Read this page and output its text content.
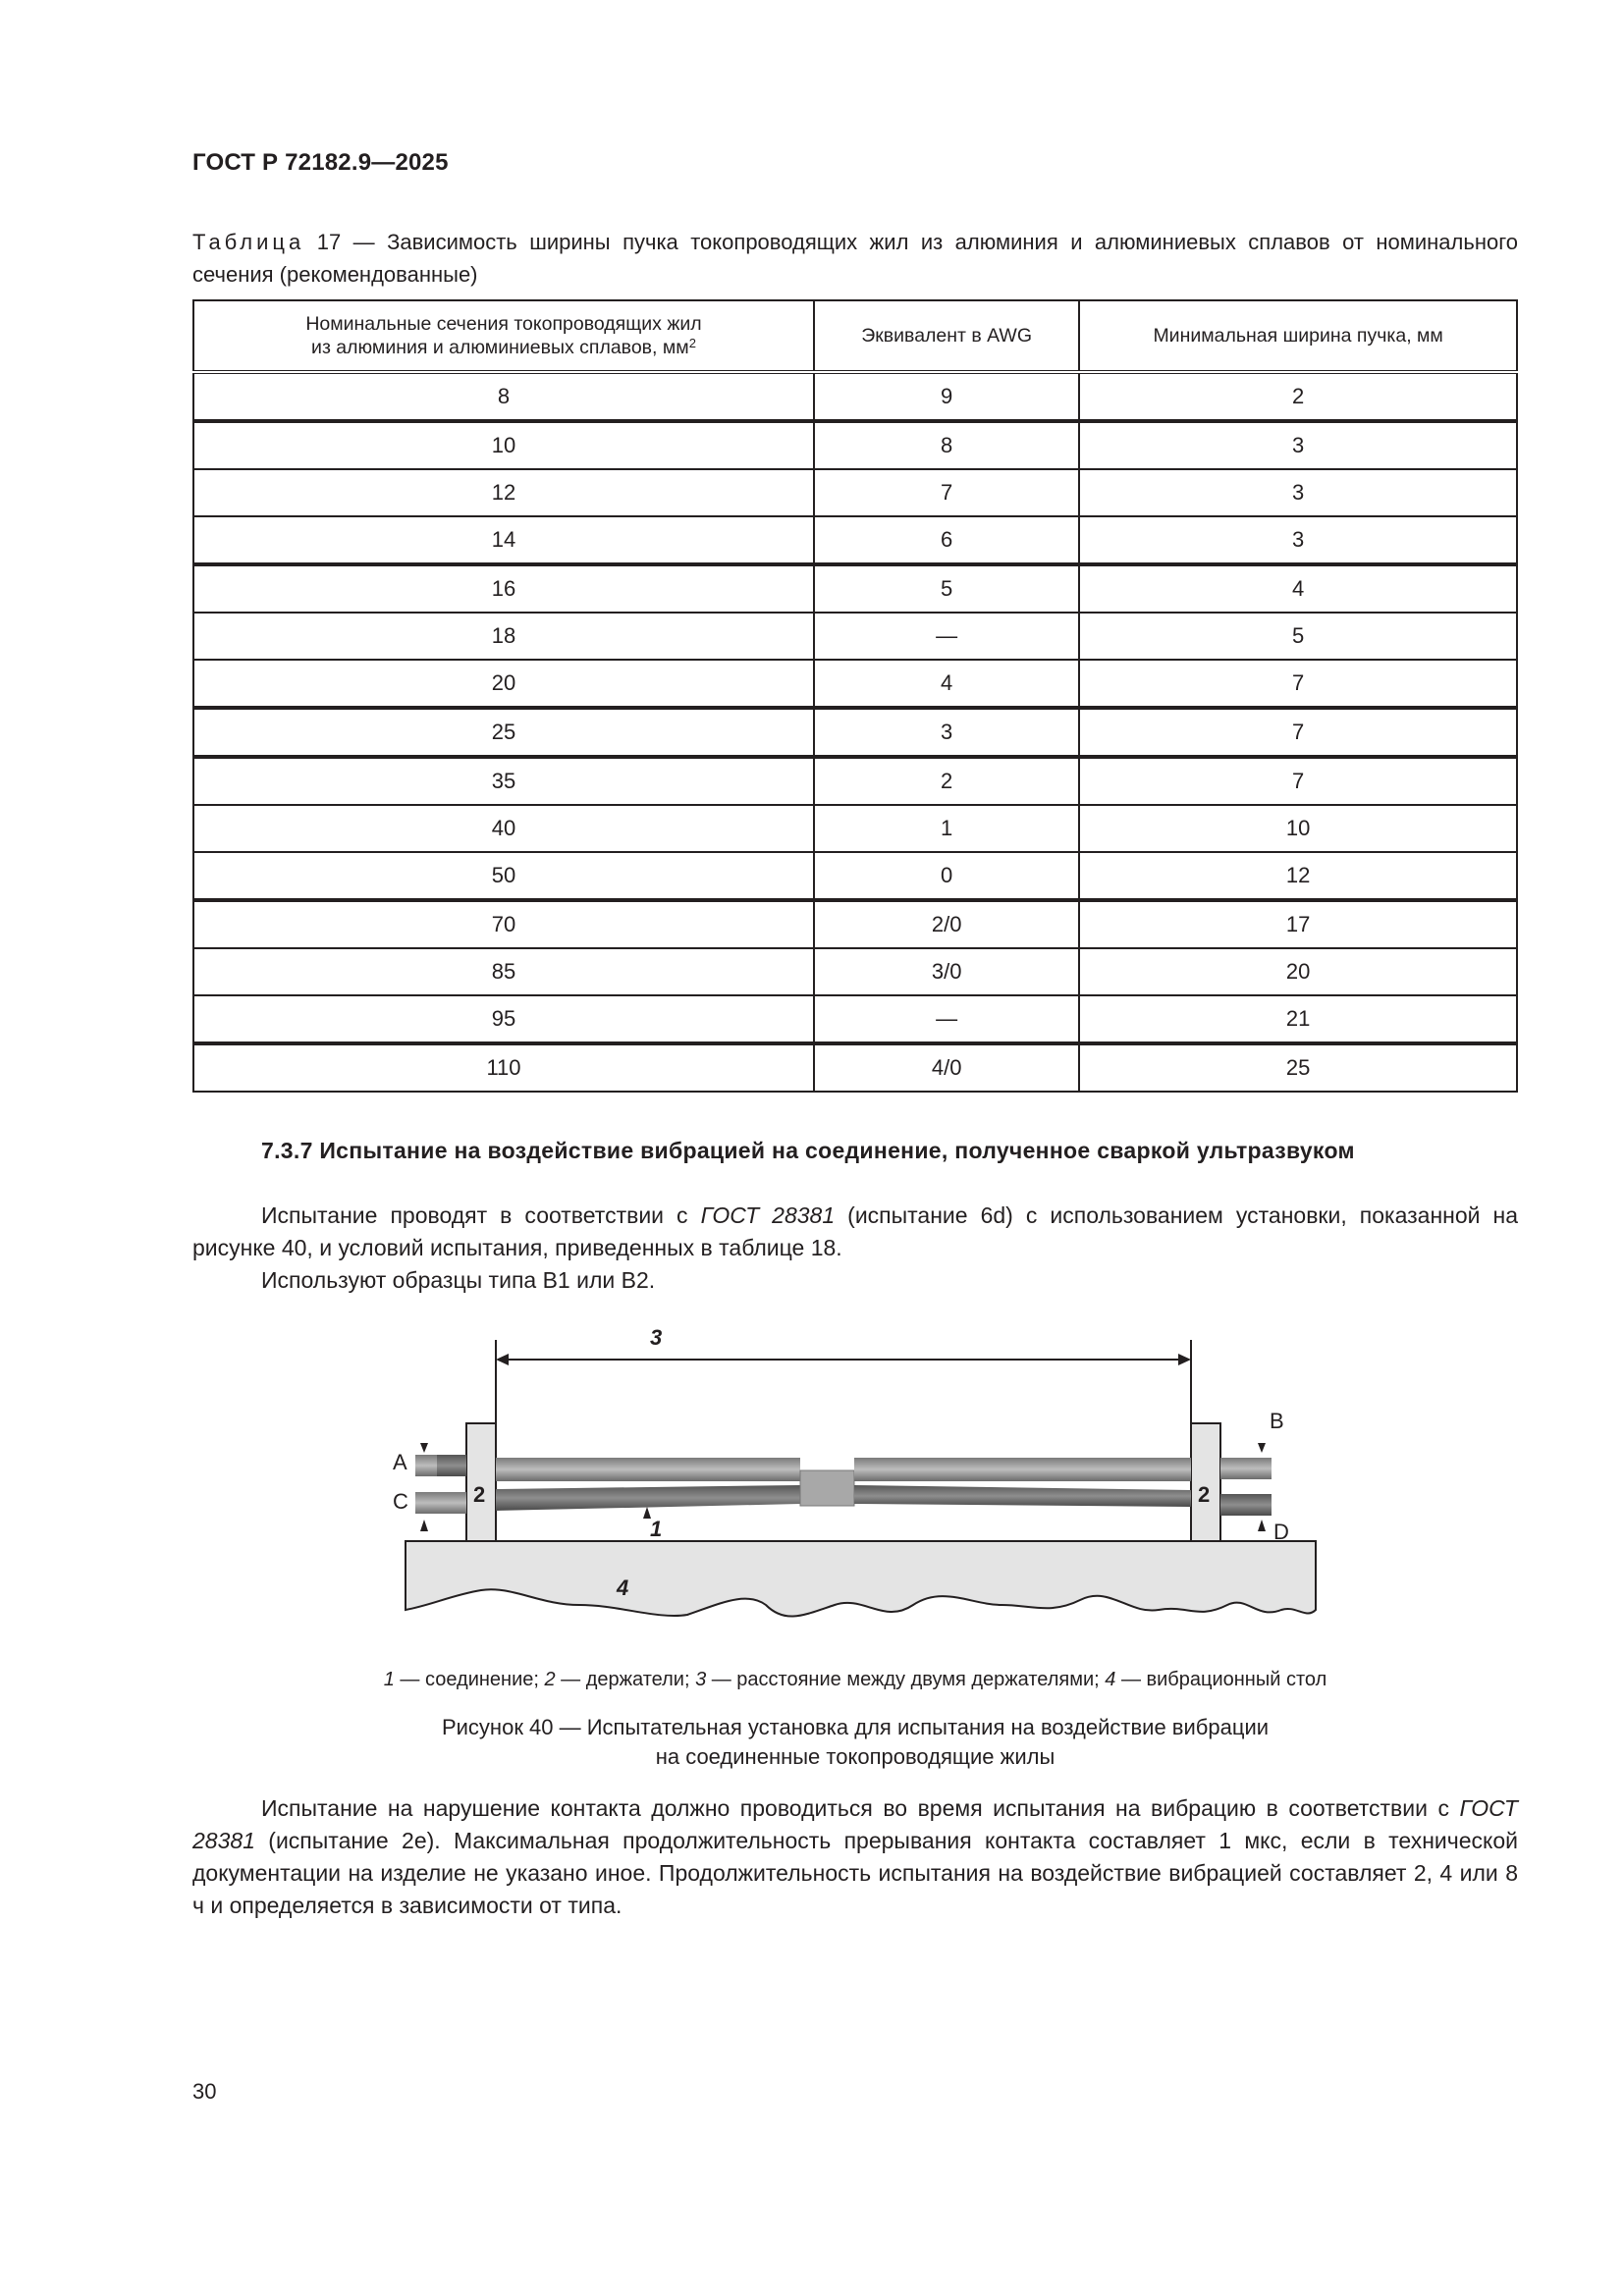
ГОСТ Р 72182.9—2025
Таблица 17 — Зависимость ширины пучка токопроводящих жил из алюминия и алюминиевых сплавов от номинального сечения (рекомендованные)
Номинальные сечения токопроводящих жил
из алюминия и алюминиевых сплавов, $мм^2$	Эквивалент в AWG	Минимальная ширина пучка, мм
8	9	2
10	8	3
12	7	3
14	6	3
16	5	4
18	—	5
20	4	7
25	3	7
35	2	7
40	1	10
50	0	12
70	2/0	17
85	3/0	20
95	—	21
110	4/0	25
7.3.7 Испытание на воздействие вибрацией на соединение, полученное сваркой ультразвуком
Испытание проводят в соответствии с ГОСТ 28381 (испытание 6d) с использованием установки, показанной на рисунке 40, и условий испытания, приведенных в таблице 18.
Используют образцы типа B1 или B2.
A
C
B
D
2	2
1
3
4
1 — соединение; 2 — держатели; 3 — расстояние между двумя держателями; 4 — вибрационный стол
Рисунок 40 — Испытательная установка для испытания на воздействие вибрации
на соединенные токопроводящие жилы
Испытание на нарушение контакта должно проводиться во время испытания на вибрацию в соответствии с ГОСТ 28381 (испытание 2е). Максимальная продолжительность прерывания контакта составляет 1 мкс, если в технической документации на изделие не указано иное. Продолжительность испытания на воздействие вибрацией составляет 2, 4 или 8 ч и определяется в зависимости от типа.
30
